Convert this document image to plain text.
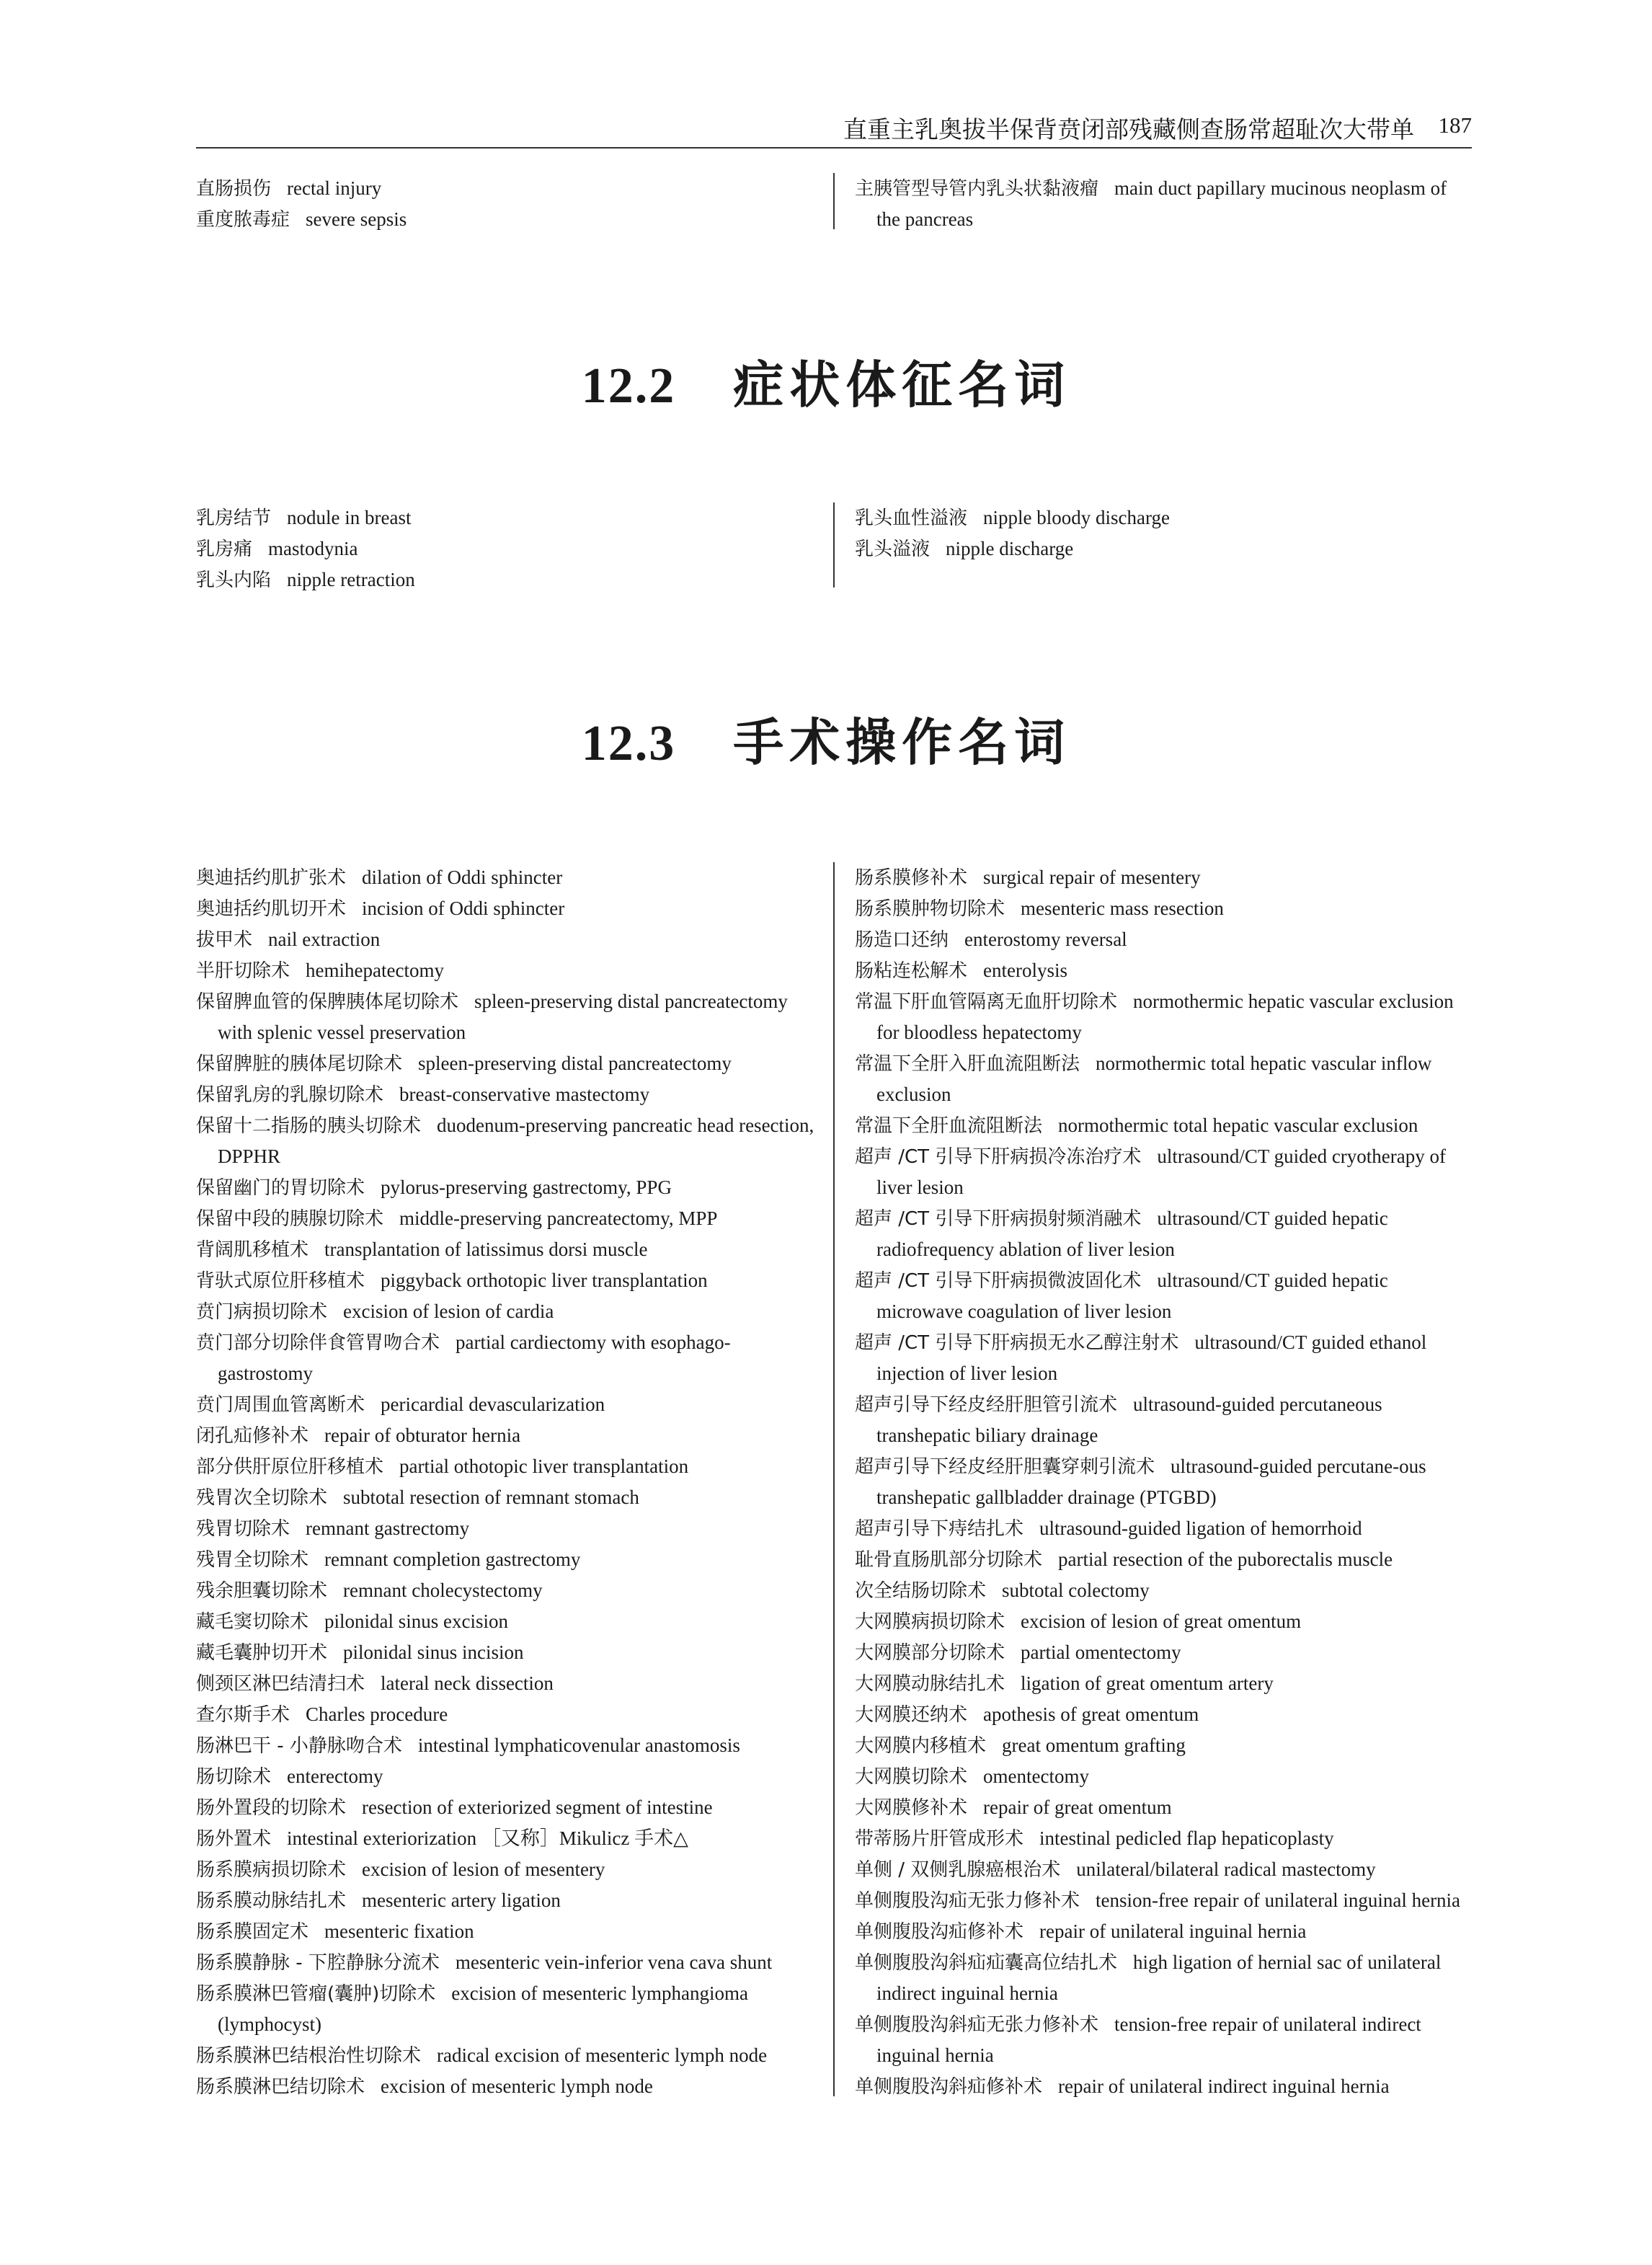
直重主乳奥拔半保背贲闭部残藏侧查肠常超耻次大带单 187
直肠损伤 rectal injury
重度脓毒症 severe sepsis
主胰管型导管内乳头状黏液瘤 main duct papillary mucinous neoplasm of the pancreas
12.2 症状体征名词
乳房结节 nodule in breast
乳房痛 mastodynia
乳头内陷 nipple retraction
乳头血性溢液 nipple bloody discharge
乳头溢液 nipple discharge
12.3 手术操作名词
奥迪括约肌扩张术 dilation of Oddi sphincter
奥迪括约肌切开术 incision of Oddi sphincter
拔甲术 nail extraction
半肝切除术 hemihepatectomy
保留脾血管的保脾胰体尾切除术 spleen-preserving distal pancreatectomy with splenic vessel preservation
保留脾脏的胰体尾切除术 spleen-preserving distal pancreatectomy
保留乳房的乳腺切除术 breast-conservative mastectomy
保留十二指肠的胰头切除术 duodenum-preserving pancreatic head resection, DPPHR
保留幽门的胃切除术 pylorus-preserving gastrectomy, PPG
保留中段的胰腺切除术 middle-preserving pancreatectomy, MPP
背阔肌移植术 transplantation of latissimus dorsi muscle
背驮式原位肝移植术 piggyback orthotopic liver transplantation
贲门病损切除术 excision of lesion of cardia
贲门部分切除伴食管胃吻合术 partial cardiectomy with esophago-gastrostomy
贲门周围血管离断术 pericardial devascularization
闭孔疝修补术 repair of obturator hernia
部分供肝原位肝移植术 partial othotopic liver transplantation
残胃次全切除术 subtotal resection of remnant stomach
残胃切除术 remnant gastrectomy
残胃全切除术 remnant completion gastrectomy
残余胆囊切除术 remnant cholecystectomy
藏毛窦切除术 pilonidal sinus excision
藏毛囊肿切开术 pilonidal sinus incision
侧颈区淋巴结清扫术 lateral neck dissection
查尔斯手术 Charles procedure
肠淋巴干 - 小静脉吻合术 intestinal lymphaticovenular anastomosis
肠切除术 enterectomy
肠外置段的切除术 resection of exteriorized segment of intestine
肠外置术 intestinal exteriorization ［又称］Mikulicz 手术△
肠系膜病损切除术 excision of lesion of mesentery
肠系膜动脉结扎术 mesenteric artery ligation
肠系膜固定术 mesenteric fixation
肠系膜静脉 - 下腔静脉分流术 mesenteric vein-inferior vena cava shunt
肠系膜淋巴管瘤(囊肿)切除术 excision of mesenteric lymphangioma (lymphocyst)
肠系膜淋巴结根治性切除术 radical excision of mesenteric lymph node
肠系膜淋巴结切除术 excision of mesenteric lymph node
肠系膜修补术 surgical repair of mesentery
肠系膜肿物切除术 mesenteric mass resection
肠造口还纳 enterostomy reversal
肠粘连松解术 enterolysis
常温下肝血管隔离无血肝切除术 normothermic hepatic vascular exclusion for bloodless hepatectomy
常温下全肝入肝血流阻断法 normothermic total hepatic vascular inflow exclusion
常温下全肝血流阻断法 normothermic total hepatic vascular exclusion
超声 /CT 引导下肝病损冷冻治疗术 ultrasound/CT guided cryotherapy of liver lesion
超声 /CT 引导下肝病损射频消融术 ultrasound/CT guided hepatic radiofrequency ablation of liver lesion
超声 /CT 引导下肝病损微波固化术 ultrasound/CT guided hepatic microwave coagulation of liver lesion
超声 /CT 引导下肝病损无水乙醇注射术 ultrasound/CT guided ethanol injection of liver lesion
超声引导下经皮经肝胆管引流术 ultrasound-guided percutaneous transhepatic biliary drainage
超声引导下经皮经肝胆囊穿刺引流术 ultrasound-guided percutane-ous transhepatic gallbladder drainage (PTGBD)
超声引导下痔结扎术 ultrasound-guided ligation of hemorrhoid
耻骨直肠肌部分切除术 partial resection of the puborectalis muscle
次全结肠切除术 subtotal colectomy
大网膜病损切除术 excision of lesion of great omentum
大网膜部分切除术 partial omentectomy
大网膜动脉结扎术 ligation of great omentum artery
大网膜还纳术 apothesis of great omentum
大网膜内移植术 great omentum grafting
大网膜切除术 omentectomy
大网膜修补术 repair of great omentum
带蒂肠片肝管成形术 intestinal pedicled flap hepaticoplasty
单侧 / 双侧乳腺癌根治术 unilateral/bilateral radical mastectomy
单侧腹股沟疝无张力修补术 tension-free repair of unilateral inguinal hernia
单侧腹股沟疝修补术 repair of unilateral inguinal hernia
单侧腹股沟斜疝疝囊高位结扎术 high ligation of hernial sac of unilateral indirect inguinal hernia
单侧腹股沟斜疝无张力修补术 tension-free repair of unilateral indirect inguinal hernia
单侧腹股沟斜疝修补术 repair of unilateral indirect inguinal hernia
